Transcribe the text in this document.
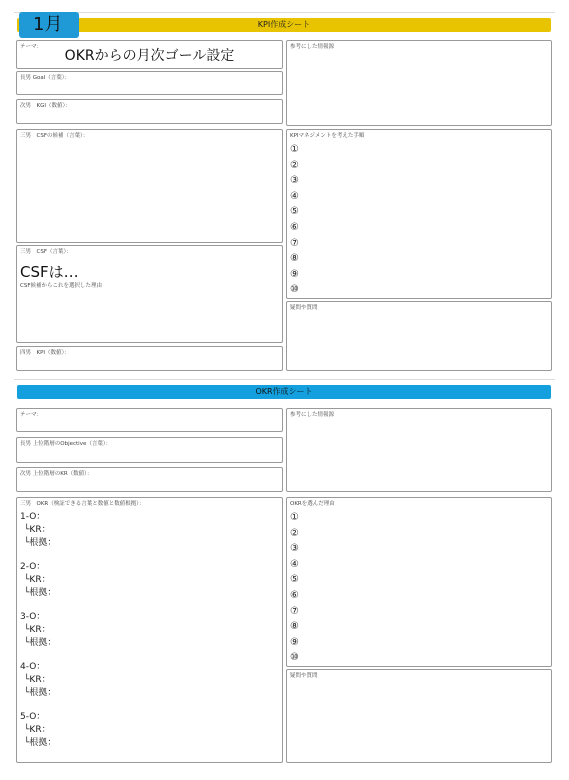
KPI作成シート
1月
テーマ：
OKRからの月次ゴール設定
長男 Goal（言葉）：
次男　KGI（数値）：
三男　CSFの候補（言葉）：
三男　CSF（言葉）：
CSFは…
CSF候補からこれを選択した理由
四男　KPI（数値）：
参考にした情報源
KPIマネジメントを考えた手順
①
②
③
④
⑤
⑥
⑦
⑧
⑨
⑩
疑問や質問
OKR作成シート
テーマ：
長男 上位階層のObjective（言葉）：
次男 上位階層のKR（数値）：
三男　OKR（検証できる言葉と数値と数値根拠）：
1-O：
└KR：
└根拠：
2-O：
└KR：
└根拠：
3-O：
└KR：
└根拠：
4-O：
└KR：
└根拠：
5-O：
└KR：
└根拠：
参考にした情報源
OKRを選んだ理由
①
②
③
④
⑤
⑥
⑦
⑧
⑨
⑩
疑問や質問
